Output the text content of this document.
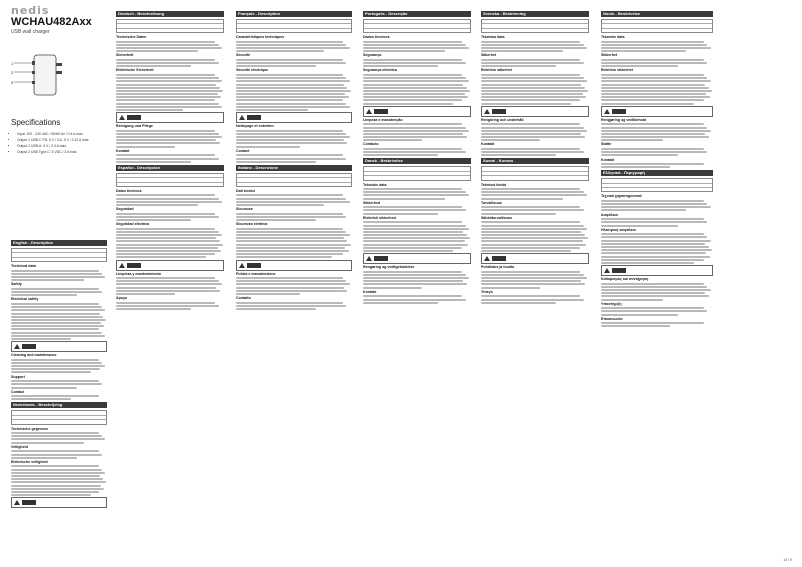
nedis
WCHAU482Axx
USB wall charger
1
2
3
Specifications
• Input: 100 - 240 VAC / 50/60 Hz / 0.4 A max.
• Output 1 USB-C PD: 5 V / 3 A, 9 V / 2.22 A max.
• Output 2 USB-A: 5 V / 2.4 A max.
• Output 2 USB Type-C: 5 VDC / 3 A max.
English - Description
Technical data
Safety
Electrical safety
Cleaning and maintenance
Support
Contact
Nederlands - Beschrijving
Technische gegevens
Veiligheid
Elektrische veiligheid
Deutsch - Beschreibung
Technische Daten
Sicherheit
Elektrische Sicherheit
Reinigung und Pflege
Kontakt
Español - Descripción
Datos técnicos
Seguridad
Seguridad eléctrica
Limpieza y mantenimiento
Apoyo
Français - Description
Caractéristiques techniques
Sécurité
Sécurité électrique
Nettoyage et entretien
Contact
Italiano - Descrizione
Dati tecnici
Sicurezza
Sicurezza elettrica
Pulizia e manutenzione
Contatto
Português - Descrição
Dados técnicos
Segurança
Segurança eléctrica
Limpeza e manutenção
Contacto
Dansk - Beskrivelse
Tekniske data
Sikkerhed
Elektrisk sikkerhed
Rengøring og vedligeholdelse
Kontakt
Svenska - Beskrivning
Tekniska data
Säkerhet
Elektrisk säkerhet
Rengöring och underhåll
Kontakt
Suomi - Kuvaus
Tekniset tiedot
Turvallisuus
Sähköturvallisuus
Puhdistus ja huolto
Yhteys
Norsk - Beskrivelse
Tekniske data
Sikkerhet
Elektrisk sikkerhet
Rengjøring og vedlikehold
Støtte
Kontakt
Ελληνικά - Περιγραφή
Τεχνικά χαρακτηριστικά
Ασφάλεια
Ηλεκτρική ασφάλεια
Καθαρισμός και συντήρηση
Υποστήριξη
Επικοινωνία
14 / 9
